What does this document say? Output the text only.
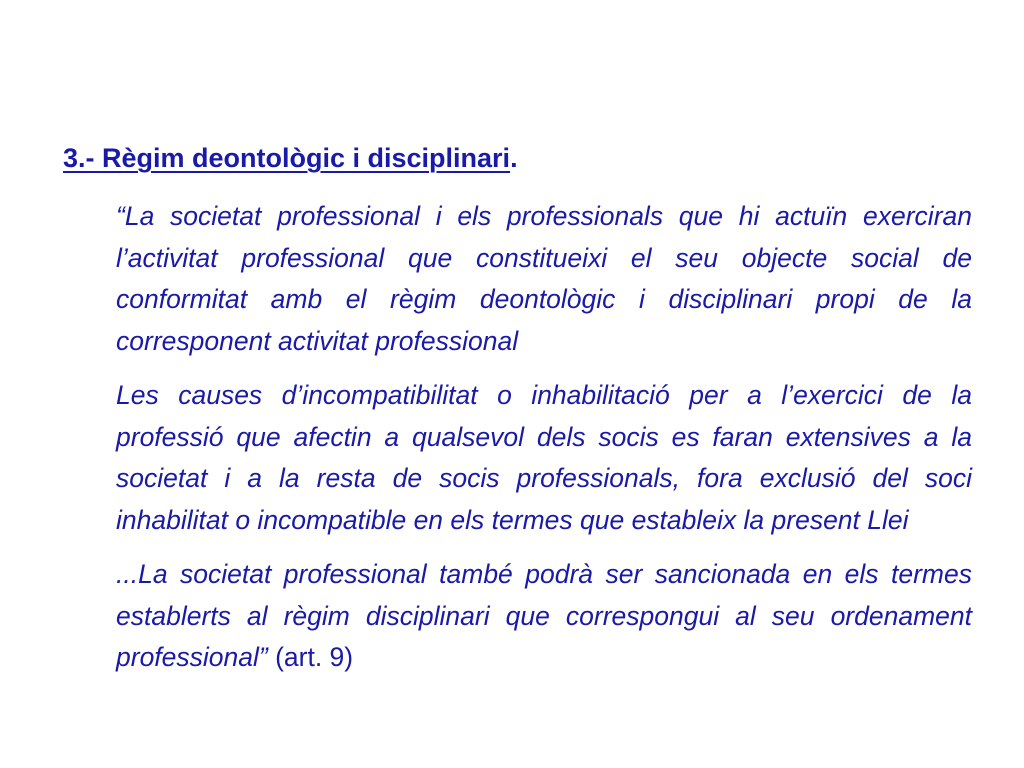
3.- Règim deontològic i disciplinari.

“La societat professional i els professionals que hi actuïn exerciran l’activitat professional que constitueixi el seu objecte social de conformitat amb el règim deontològic i disciplinari propi de la corresponent activitat professional

Les causes d’incompatibilitat o inhabilitació per a l’exercici de la professió que afectin a qualsevol dels socis es faran extensives a la societat i a la resta de socis professionals, fora exclusió del soci inhabilitat o incompatible en els termes que estableix la present Llei

...La societat professional també podrà ser sancionada en els termes establerts al règim disciplinari que correspongui al seu ordenament professional” (art. 9)
